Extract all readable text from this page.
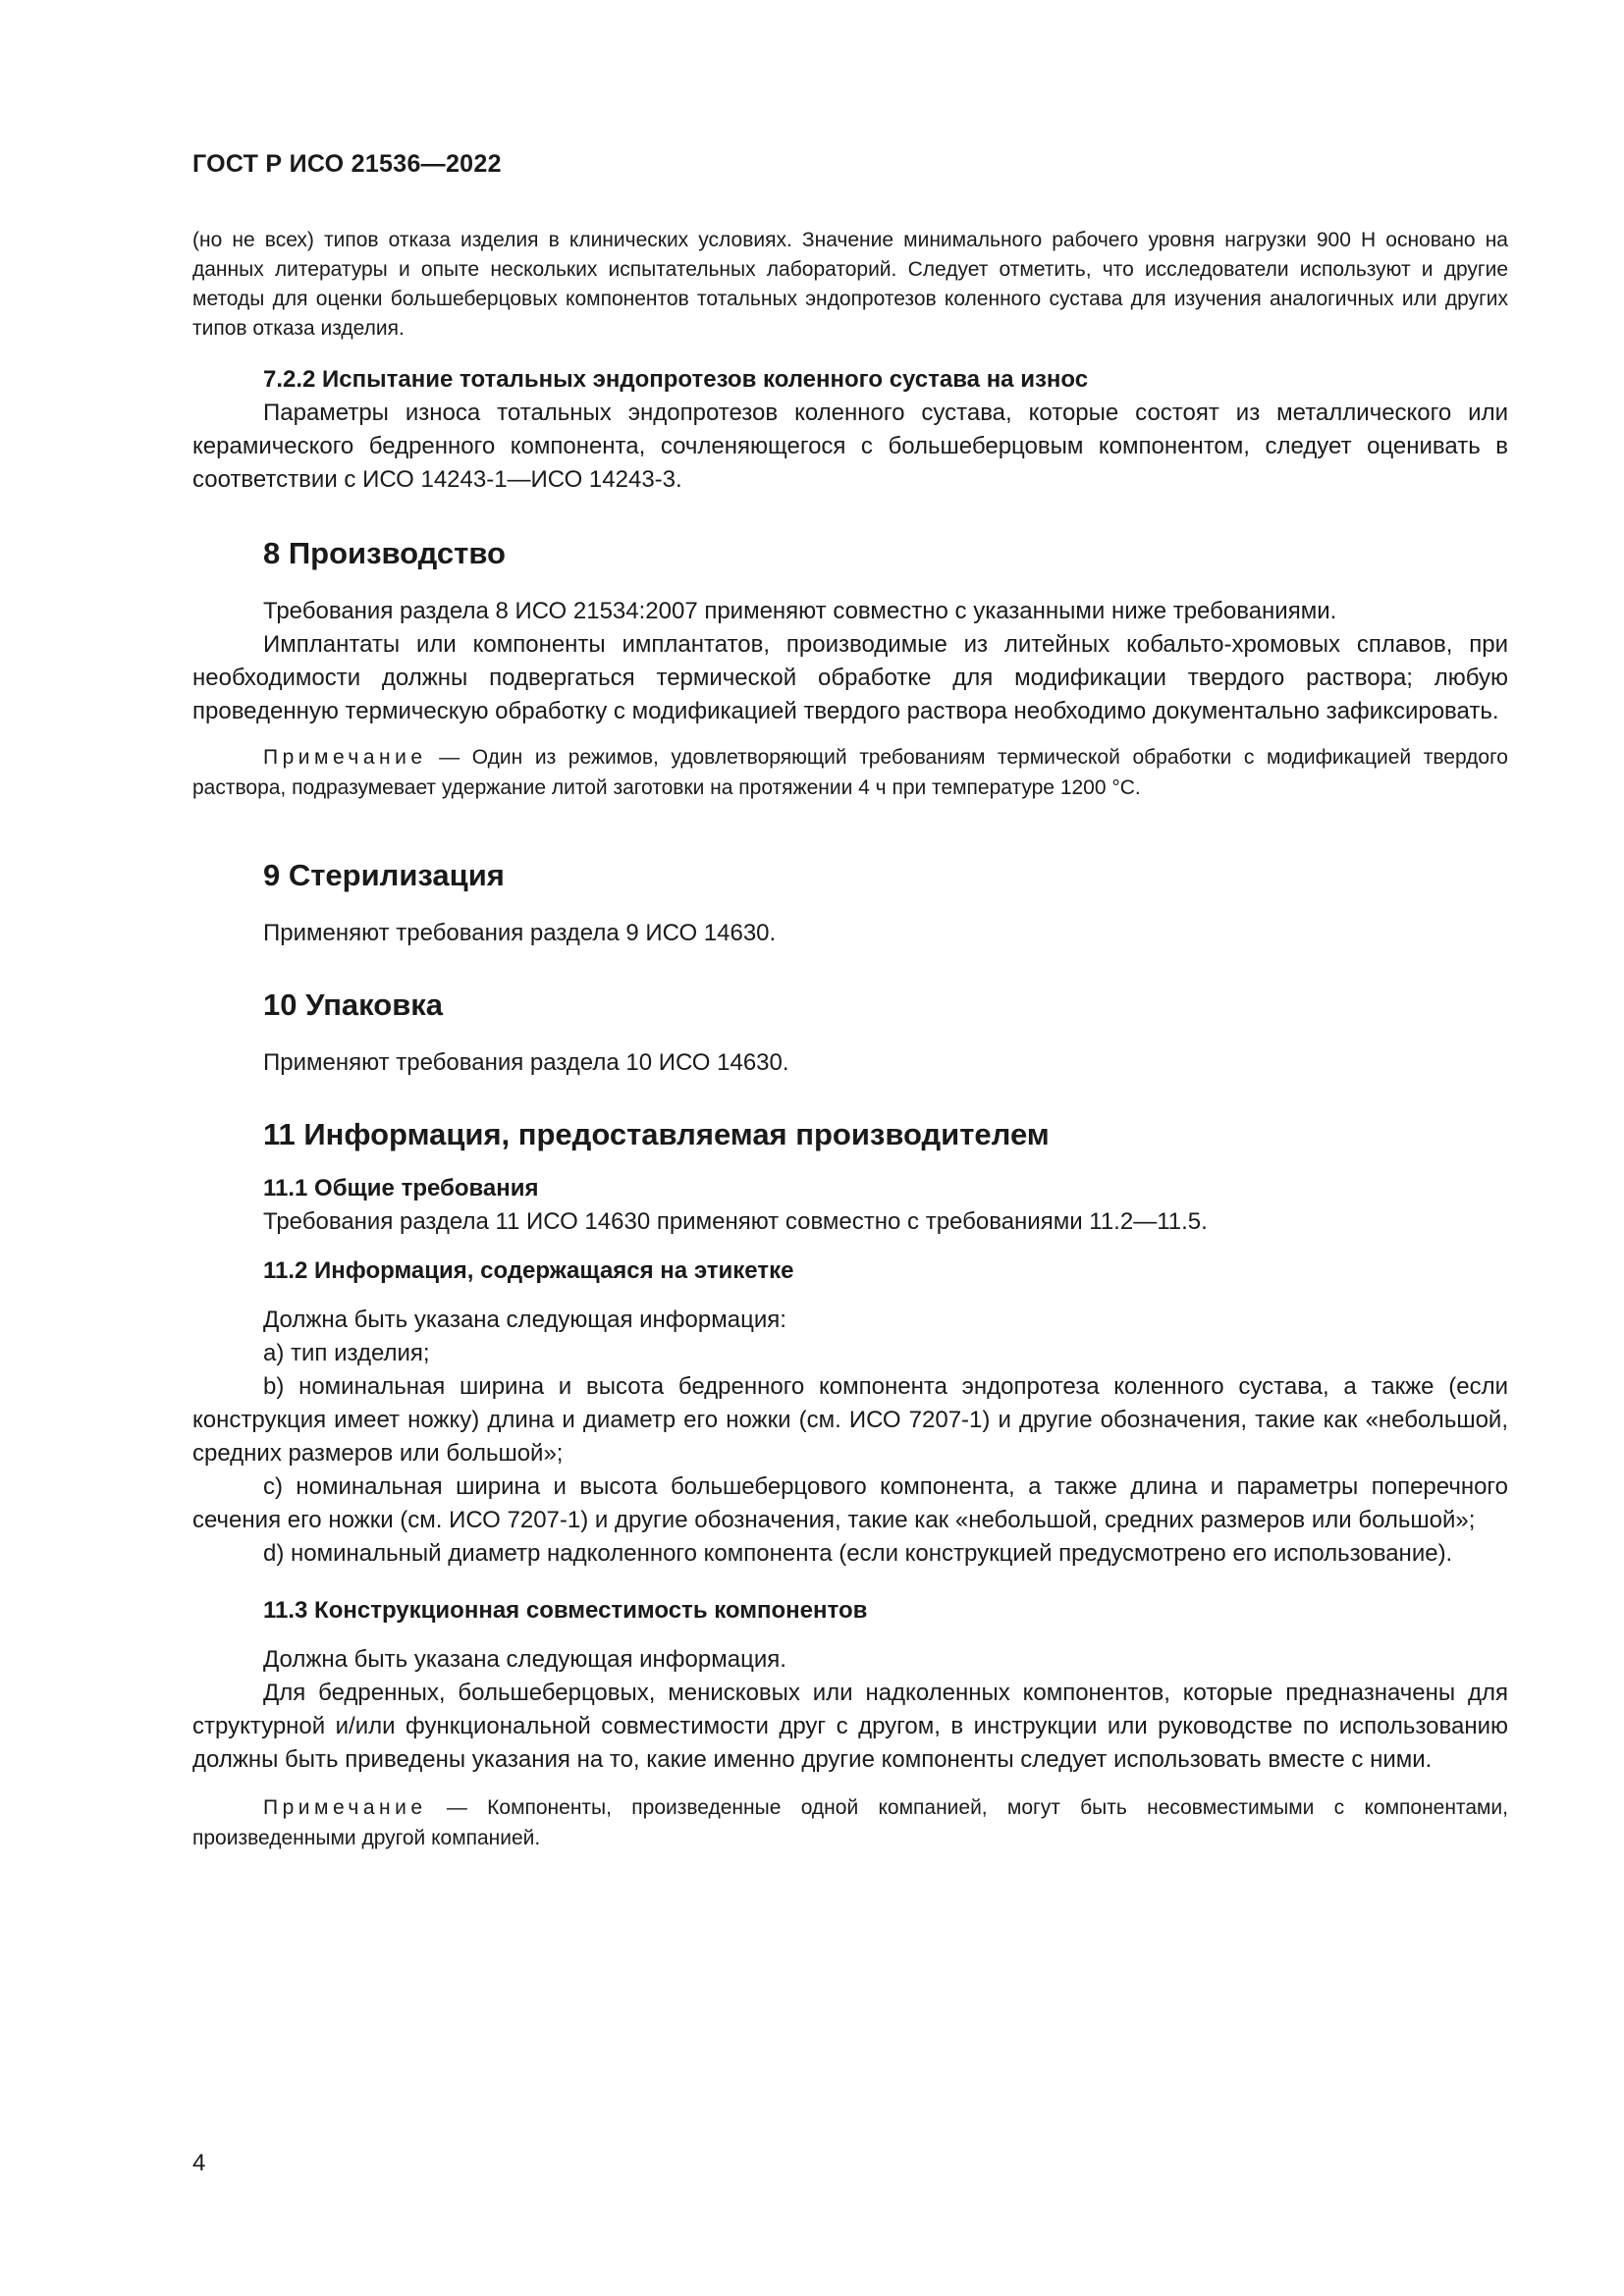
ГОСТ Р ИСО 21536—2022

(но не всех) типов отказа изделия в клинических условиях. Значение минимального рабочего уровня нагрузки 900 Н основано на данных литературы и опыте нескольких испытательных лабораторий. Следует отметить, что исследователи используют и другие методы для оценки большеберцовых компонентов тотальных эндопротезов коленного сустава для изучения аналогичных или других типов отказа изделия.

7.2.2 Испытание тотальных эндопротезов коленного сустава на износ

Параметры износа тотальных эндопротезов коленного сустава, которые состоят из металлического или керамического бедренного компонента, сочленяющегося с большеберцовым компонентом, следует оценивать в соответствии с ИСО 14243-1—ИСО 14243-3.

8 Производство

Требования раздела 8 ИСО 21534:2007 применяют совместно с указанными ниже требованиями.

Имплантаты или компоненты имплантатов, производимые из литейных кобальто-хромовых сплавов, при необходимости должны подвергаться термической обработке для модификации твердого раствора; любую проведенную термическую обработку с модификацией твердого раствора необходимо документально зафиксировать.

Примечание — Один из режимов, удовлетворяющий требованиям термической обработки с модификацией твердого раствора, подразумевает удержание литой заготовки на протяжении 4 ч при температуре 1200 °С.

9 Стерилизация

Применяют требования раздела 9 ИСО 14630.

10 Упаковка

Применяют требования раздела 10 ИСО 14630.

11 Информация, предоставляемая производителем

11.1 Общие требования

Требования раздела 11 ИСО 14630 применяют совместно с требованиями 11.2—11.5.

11.2 Информация, содержащаяся на этикетке

Должна быть указана следующая информация:

a) тип изделия;

b) номинальная ширина и высота бедренного компонента эндопротеза коленного сустава, а также (если конструкция имеет ножку) длина и диаметр его ножки (см. ИСО 7207-1) и другие обозначения, такие как «небольшой, средних размеров или большой»;

c) номинальная ширина и высота большеберцового компонента, а также длина и параметры поперечного сечения его ножки (см. ИСО 7207-1) и другие обозначения, такие как «небольшой, средних размеров или большой»;

d) номинальный диаметр надколенного компонента (если конструкцией предусмотрено его использование).

11.3 Конструкционная совместимость компонентов

Должна быть указана следующая информация.

Для бедренных, большеберцовых, менисковых или надколенных компонентов, которые предназначены для структурной и/или функциональной совместимости друг с другом, в инструкции или руководстве по использованию должны быть приведены указания на то, какие именно другие компоненты следует использовать вместе с ними.

Примечание — Компоненты, произведенные одной компанией, могут быть несовместимыми с компонентами, произведенными другой компанией.

4
